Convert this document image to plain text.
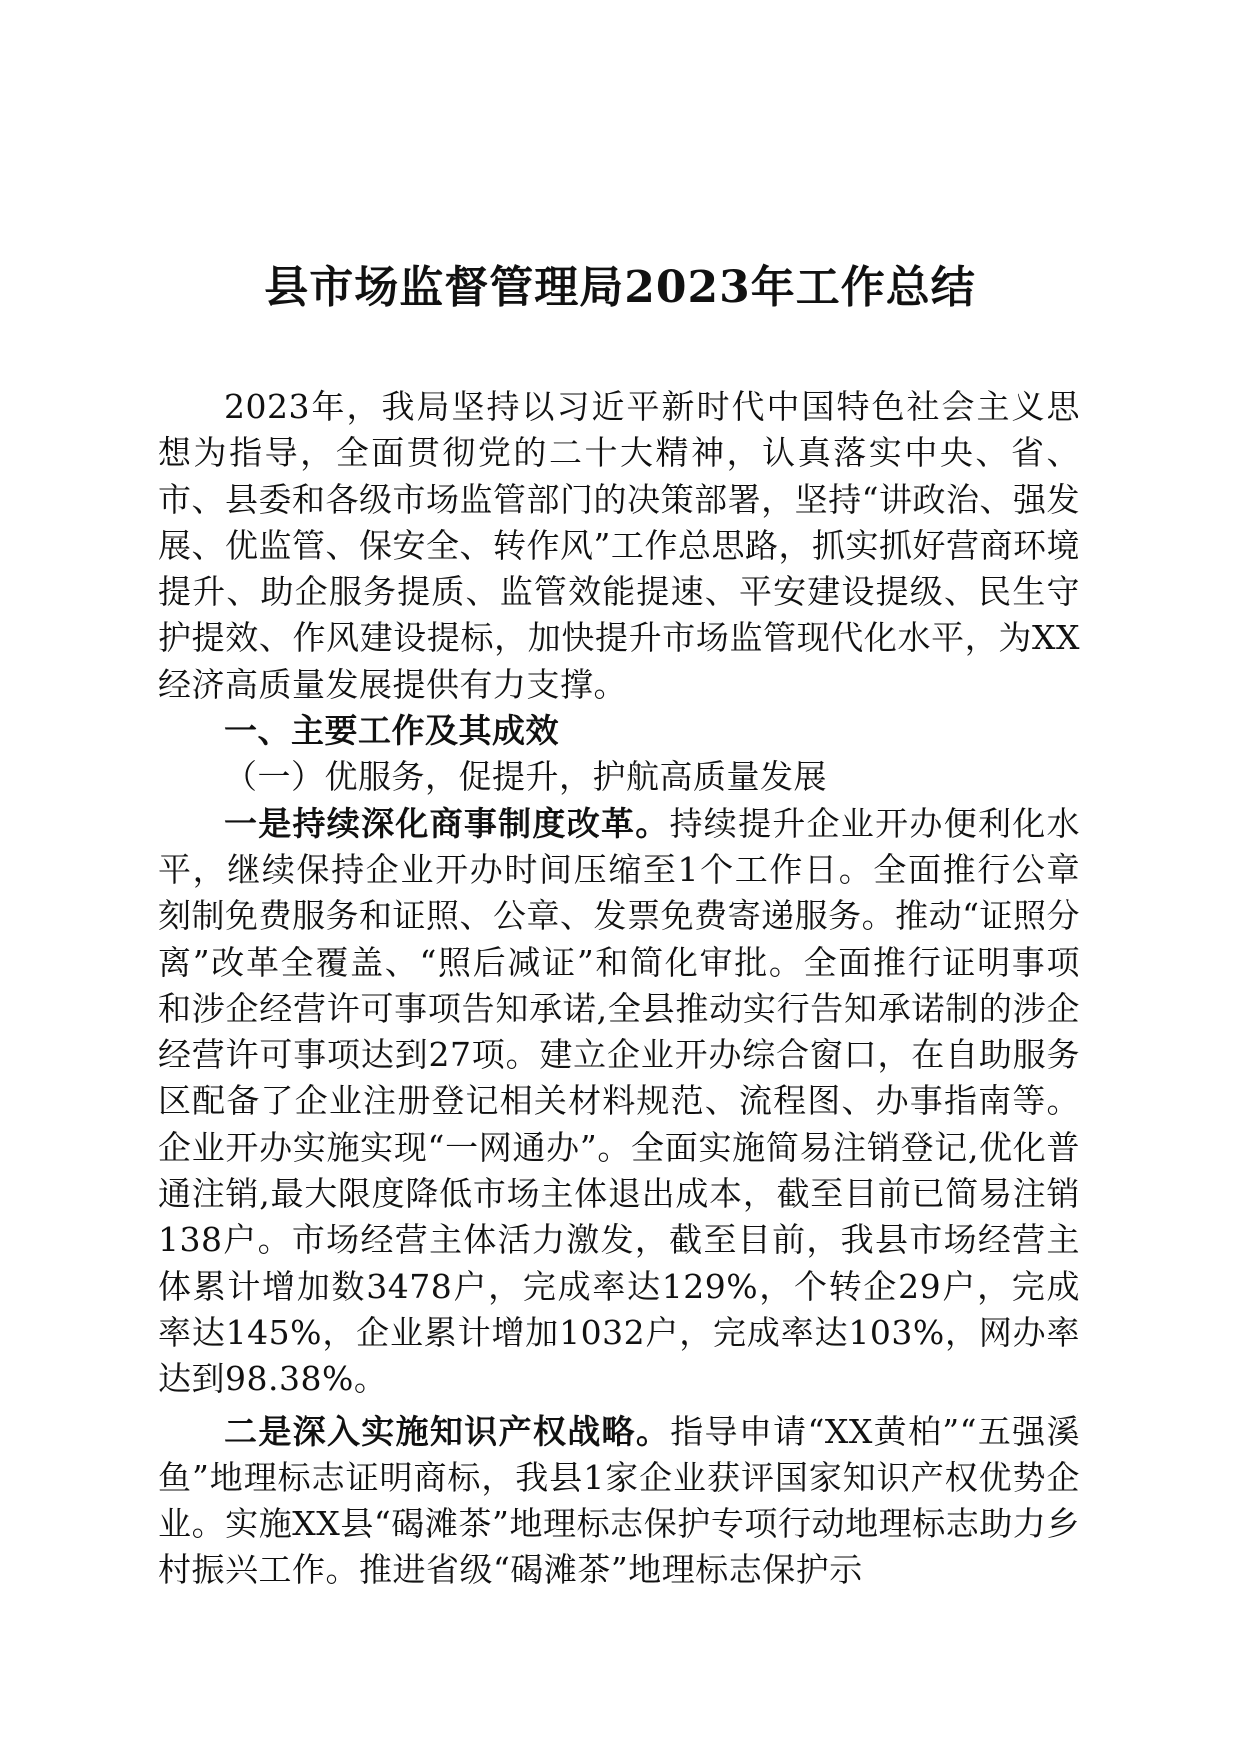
县市场监督管理局2023年工作总结

2023年，我局坚持以习近平新时代中国特色社会主义思想为指导，全面贯彻党的二十大精神，认真落实中央、省、市、县委和各级市场监管部门的决策部署，坚持“讲政治、强发展、优监管、保安全、转作风”工作总思路，抓实抓好营商环境提升、助企服务提质、监管效能提速、平安建设提级、民生守护提效、作风建设提标，加快提升市场监管现代化水平，为XX经济高质量发展提供有力支撑。

一、主要工作及其成效

（一）优服务，促提升，护航高质量发展

一是持续深化商事制度改革。持续提升企业开办便利化水平，继续保持企业开办时间压缩至1个工作日。全面推行公章刻制免费服务和证照、公章、发票免费寄递服务。推动“证照分离”改革全覆盖、“照后减证”和简化审批。全面推行证明事项和涉企经营许可事项告知承诺,全县推动实行告知承诺制的涉企经营许可事项达到27项。建立企业开办综合窗口，在自助服务区配备了企业注册登记相关材料规范、流程图、办事指南等。企业开办实施实现“一网通办”。全面实施简易注销登记,优化普通注销,最大限度降低市场主体退出成本，截至目前已简易注销138户。市场经营主体活力激发，截至目前，我县市场经营主体累计增加数3478户，完成率达129%，个转企29户，完成率达145%，企业累计增加1032户，完成率达103%，网办率达到98.38%。

二是深入实施知识产权战略。指导申请“XX黄柏”“五强溪鱼”地理标志证明商标，我县1家企业获评国家知识产权优势企业。实施XX县“碣滩茶”地理标志保护专项行动地理标志助力乡村振兴工作。推进省级“碣滩茶”地理标志保护示
